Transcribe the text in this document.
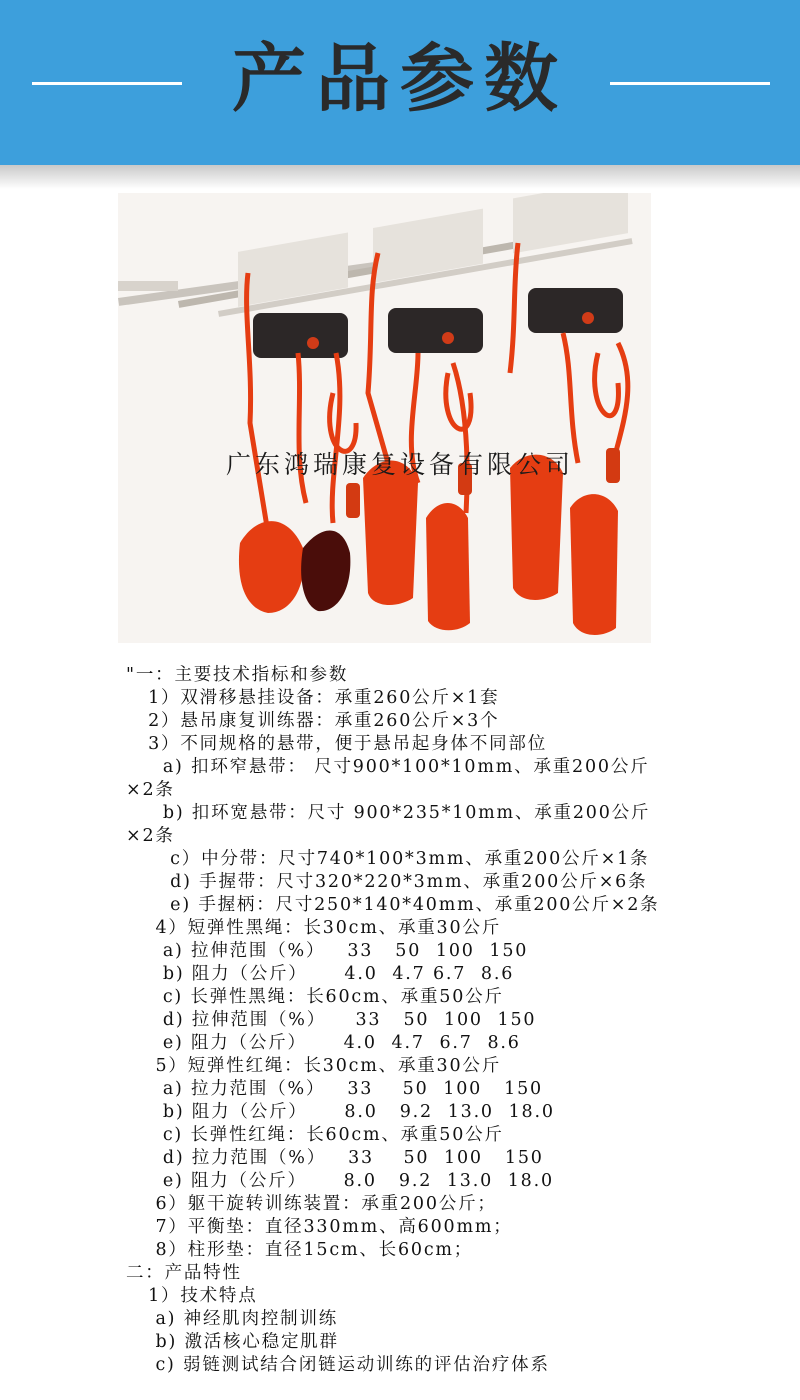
产品参数
广东鸿瑞康复设备有限公司
"一：主要技术指标和参数
1）双滑移悬挂设备：承重260公斤×1套
2）悬吊康复训练器：承重260公斤×3个
3）不同规格的悬带，便于悬吊起身体不同部位
a) 扣环窄悬带： 尺寸900*100*10mm、承重200公斤
×2条
b) 扣环宽悬带：尺寸 900*235*10mm、承重200公斤
×2条
c）中分带：尺寸740*100*3mm、承重200公斤×1条
d) 手握带：尺寸320*220*3mm、承重200公斤×6条
e) 手握柄：尺寸250*140*40mm、承重200公斤×2条
4）短弹性黑绳：长30cm、承重30公斤
a) 拉伸范围（%）   33   50  100  150
b) 阻力（公斤）     4.0  4.7 6.7  8.6
c) 长弹性黑绳：长60cm、承重50公斤
d) 拉伸范围（%）    33   50  100  150
e) 阻力（公斤）     4.0  4.7  6.7  8.6
5）短弹性红绳：长30cm、承重30公斤
a) 拉力范围（%）   33    50  100   150
b) 阻力（公斤）     8.0   9.2  13.0  18.0
c) 长弹性红绳：长60cm、承重50公斤
d) 拉力范围（%）   33    50  100   150
e) 阻力（公斤）     8.0   9.2  13.0  18.0
6）躯干旋转训练装置：承重200公斤；
7）平衡垫：直径330mm、高600mm；
8）柱形垫：直径15cm、长60cm；
二：产品特性
1）技术特点
a) 神经肌肉控制训练
b) 激活核心稳定肌群
c) 弱链测试结合闭链运动训练的评估治疗体系
